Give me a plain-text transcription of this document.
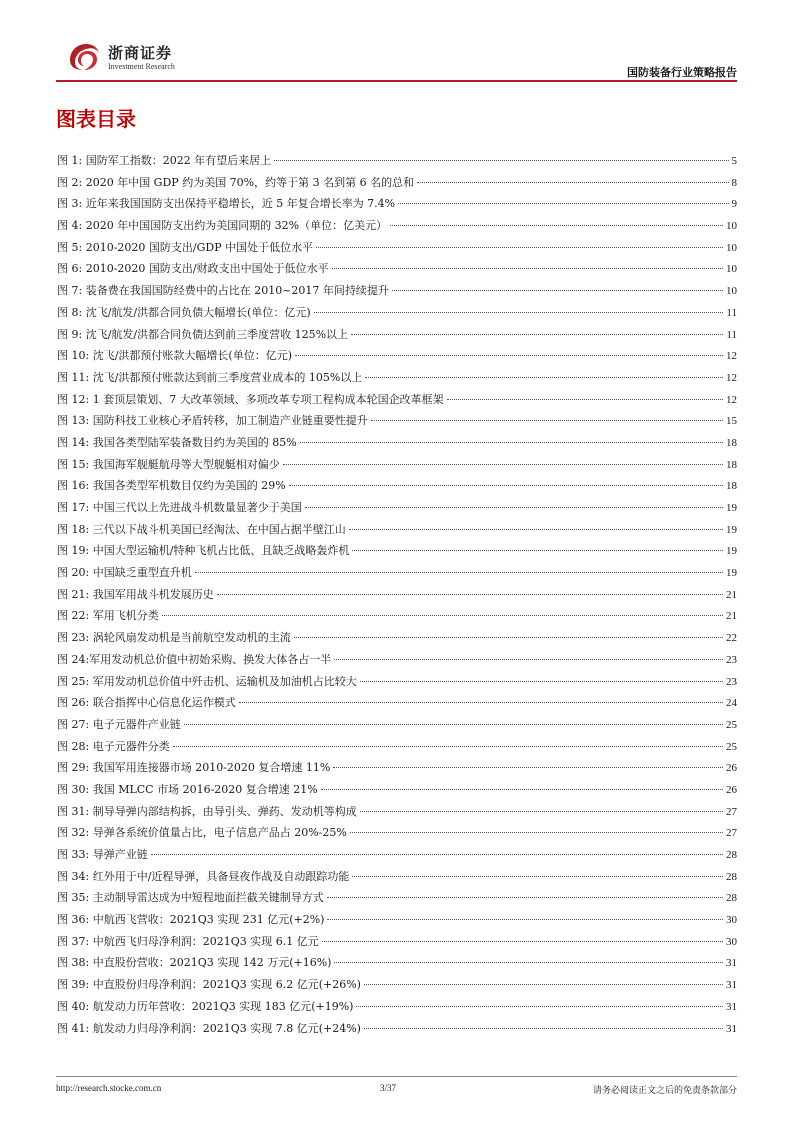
浙商证券
Investment Research	国防装备行业策略报告
图表目录
图 1: 国防军工指数：2022 年有望后来居上	5
图 2: 2020 年中国 GDP 约为美国 70%，约等于第 3 名到第 6 名的总和	8
图 3: 近年来我国国防支出保持平稳增长，近 5 年复合增长率为 7.4%	9
图 4: 2020 年中国国防支出约为美国同期的 32%（单位：亿美元）	10
图 5: 2010-2020 国防支出/GDP 中国处于低位水平	10
图 6: 2010-2020 国防支出/财政支出中国处于低位水平	10
图 7: 装备费在我国国防经费中的占比在 2010~2017 年间持续提升	10
图 8: 沈飞/航发/洪都合同负债大幅增长(单位：亿元)	11
图 9: 沈飞/航发/洪都合同负债达到前三季度营收 125%以上	11
图 10: 沈飞/洪都预付账款大幅增长(单位：亿元)	12
图 11: 沈飞/洪都预付账款达到前三季度营业成本的 105%以上	12
图 12: 1 套顶层策划、7 大改革领域、多项改革专项工程构成本轮国企改革框架	12
图 13: 国防科技工业核心矛盾转移，加工制造产业链重要性提升	15
图 14: 我国各类型陆军装备数目约为美国的 85%	18
图 15: 我国海军舰艇航母等大型舰艇相对偏少	18
图 16: 我国各类型军机数目仅约为美国的 29%	18
图 17: 中国三代以上先进战斗机数量显著少于美国	19
图 18: 三代以下战斗机美国已经淘汰、在中国占据半壁江山	19
图 19: 中国大型运输机/特种飞机占比低、且缺乏战略轰炸机	19
图 20: 中国缺乏重型直升机	19
图 21: 我国军用战斗机发展历史	21
图 22: 军用飞机分类	21
图 23: 涡轮风扇发动机是当前航空发动机的主流	22
图 24:军用发动机总价值中初始采购、换发大体各占一半	23
图 25: 军用发动机总价值中歼击机、运输机及加油机占比较大	23
图 26: 联合指挥中心信息化运作模式	24
图 27: 电子元器件产业链	25
图 28: 电子元器件分类	25
图 29: 我国军用连接器市场 2010-2020 复合增速 11%	26
图 30: 我国 MLCC 市场 2016-2020 复合增速 21%	26
图 31: 制导导弹内部结构拆，由导引头、弹药、发动机等构成	27
图 32: 导弹各系统价值量占比，电子信息产品占 20%-25%	27
图 33: 导弹产业链	28
图 34: 红外用于中/近程导弹，具备昼夜作战及自动跟踪功能	28
图 35: 主动制导雷达成为中短程地面拦截关键制导方式	28
图 36: 中航西飞营收：2021Q3 实现 231 亿元(+2%)	30
图 37: 中航西飞归母净利润：2021Q3 实现 6.1 亿元	30
图 38: 中直股份营收：2021Q3 实现 142 万元(+16%)	31
图 39: 中直股份归母净利润：2021Q3 实现 6.2 亿元(+26%)	31
图 40: 航发动力历年营收：2021Q3 实现 183 亿元(+19%)	31
图 41: 航发动力归母净利润：2021Q3 实现 7.8 亿元(+24%)	31
http://research.stocke.com.cn	3/37	请务必阅读正文之后的免责条款部分
